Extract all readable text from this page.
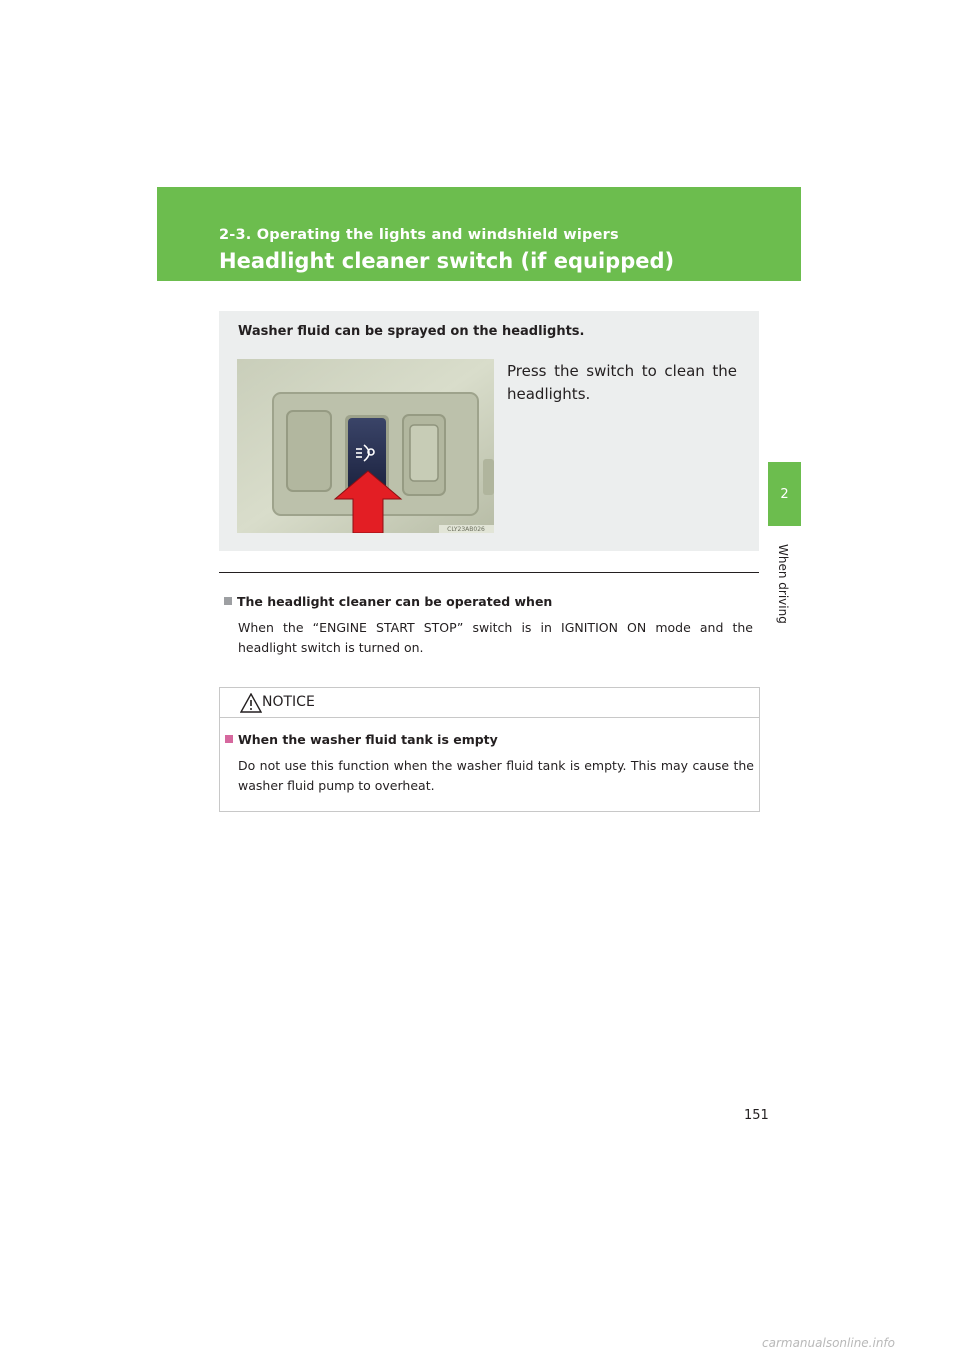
2-3. Operating the lights and windshield wipers
Headlight cleaner switch (if equipped)
2
When driving
Washer fluid can be sprayed on the headlights.
CLY23AB026
Press the switch to clean the headlights.
The headlight cleaner can be operated when
When the “ENGINE START STOP” switch is in IGNITION ON mode and the headlight switch is turned on.
NOTICE
When the washer fluid tank is empty
Do not use this function when the washer fluid tank is empty. This may cause the washer fluid pump to overheat.
151
carmanualsonline.info
